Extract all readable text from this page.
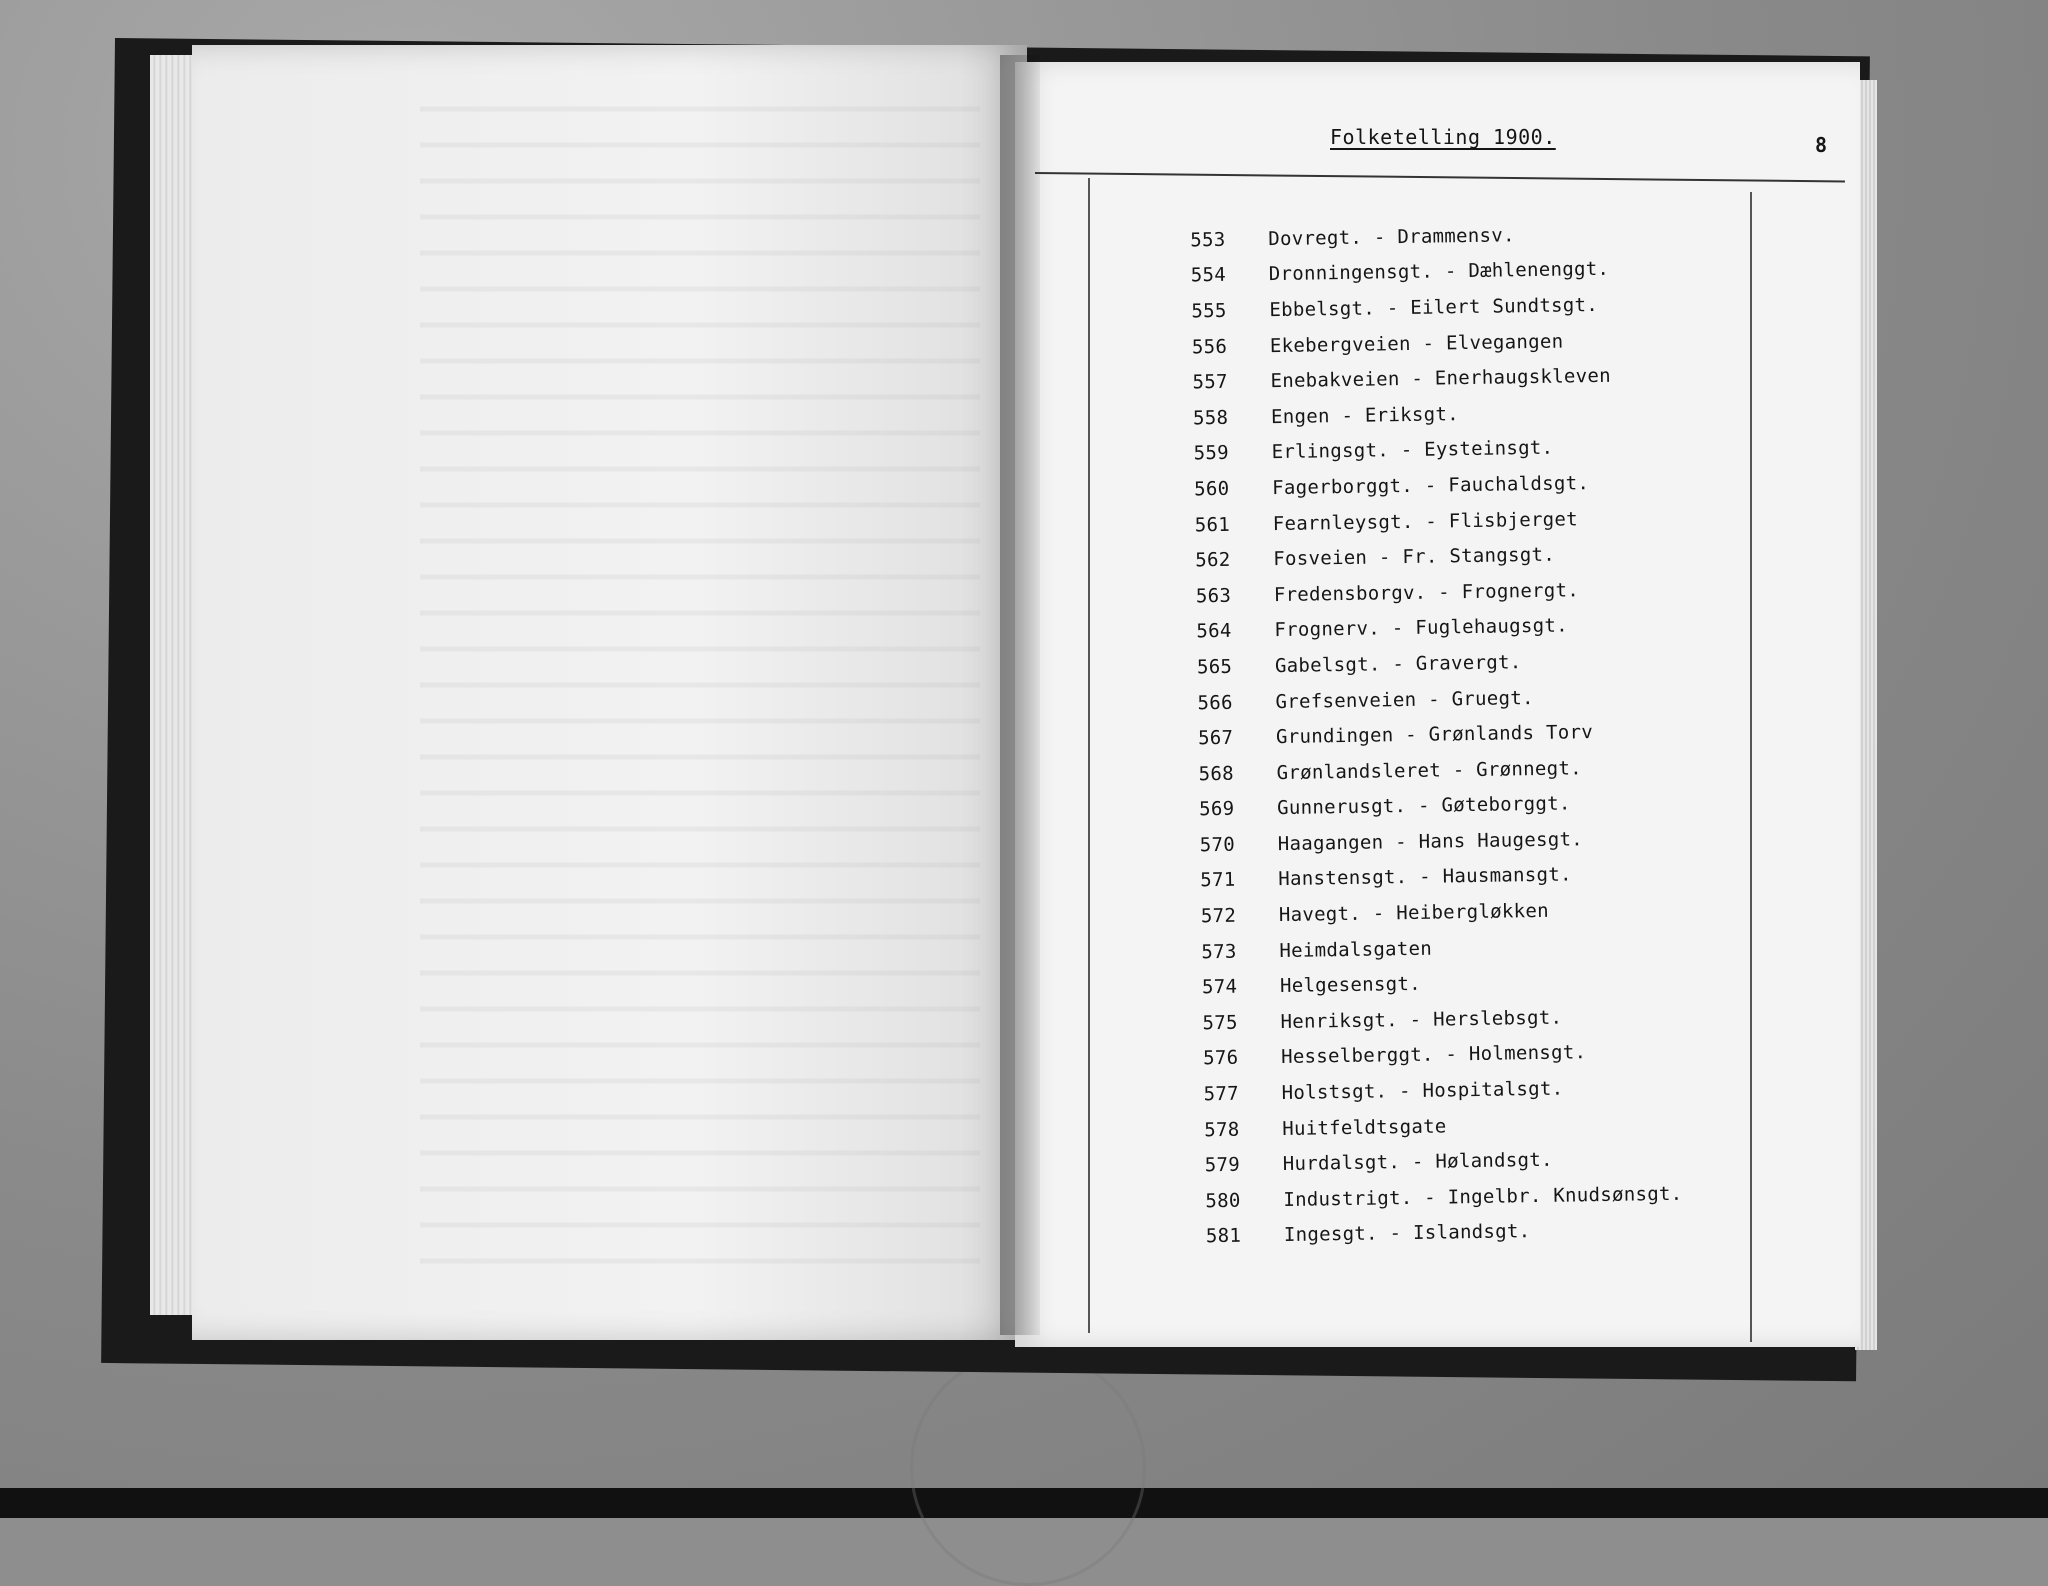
Folketelling 1900.	8
553	Dovregt. - Drammensv.
554	Dronningensgt. - Dæhlenenggt.
555	Ebbelsgt. - Eilert Sundtsgt.
556	Ekebergveien - Elvegangen
557	Enebakveien - Enerhaugskleven
558	Engen - Eriksgt.
559	Erlingsgt. - Eysteinsgt.
560	Fagerborggt. - Fauchaldsgt.
561	Fearnleysgt. - Flisbjerget
562	Fosveien - Fr. Stangsgt.
563	Fredensborgv. - Frognergt.
564	Frognerv. - Fuglehaugsgt.
565	Gabelsgt. - Gravergt.
566	Grefsenveien - Gruegt.
567	Grundingen - Grønlands Torv
568	Grønlandsleret - Grønnegt.
569	Gunnerusgt. - Gøteborggt.
570	Haagangen - Hans Haugesgt.
571	Hanstensgt. - Hausmansgt.
572	Havegt. - Heibergløkken
573	Heimdalsgaten
574	Helgesensgt.
575	Henriksgt. - Herslebsgt.
576	Hesselberggt. - Holmensgt.
577	Holstsgt. - Hospitalsgt.
578	Huitfeldtsgate
579	Hurdalsgt. - Hølandsgt.
580	Industrigt. - Ingelbr. Knudsønsgt.
581	Ingesgt. - Islandsgt.
